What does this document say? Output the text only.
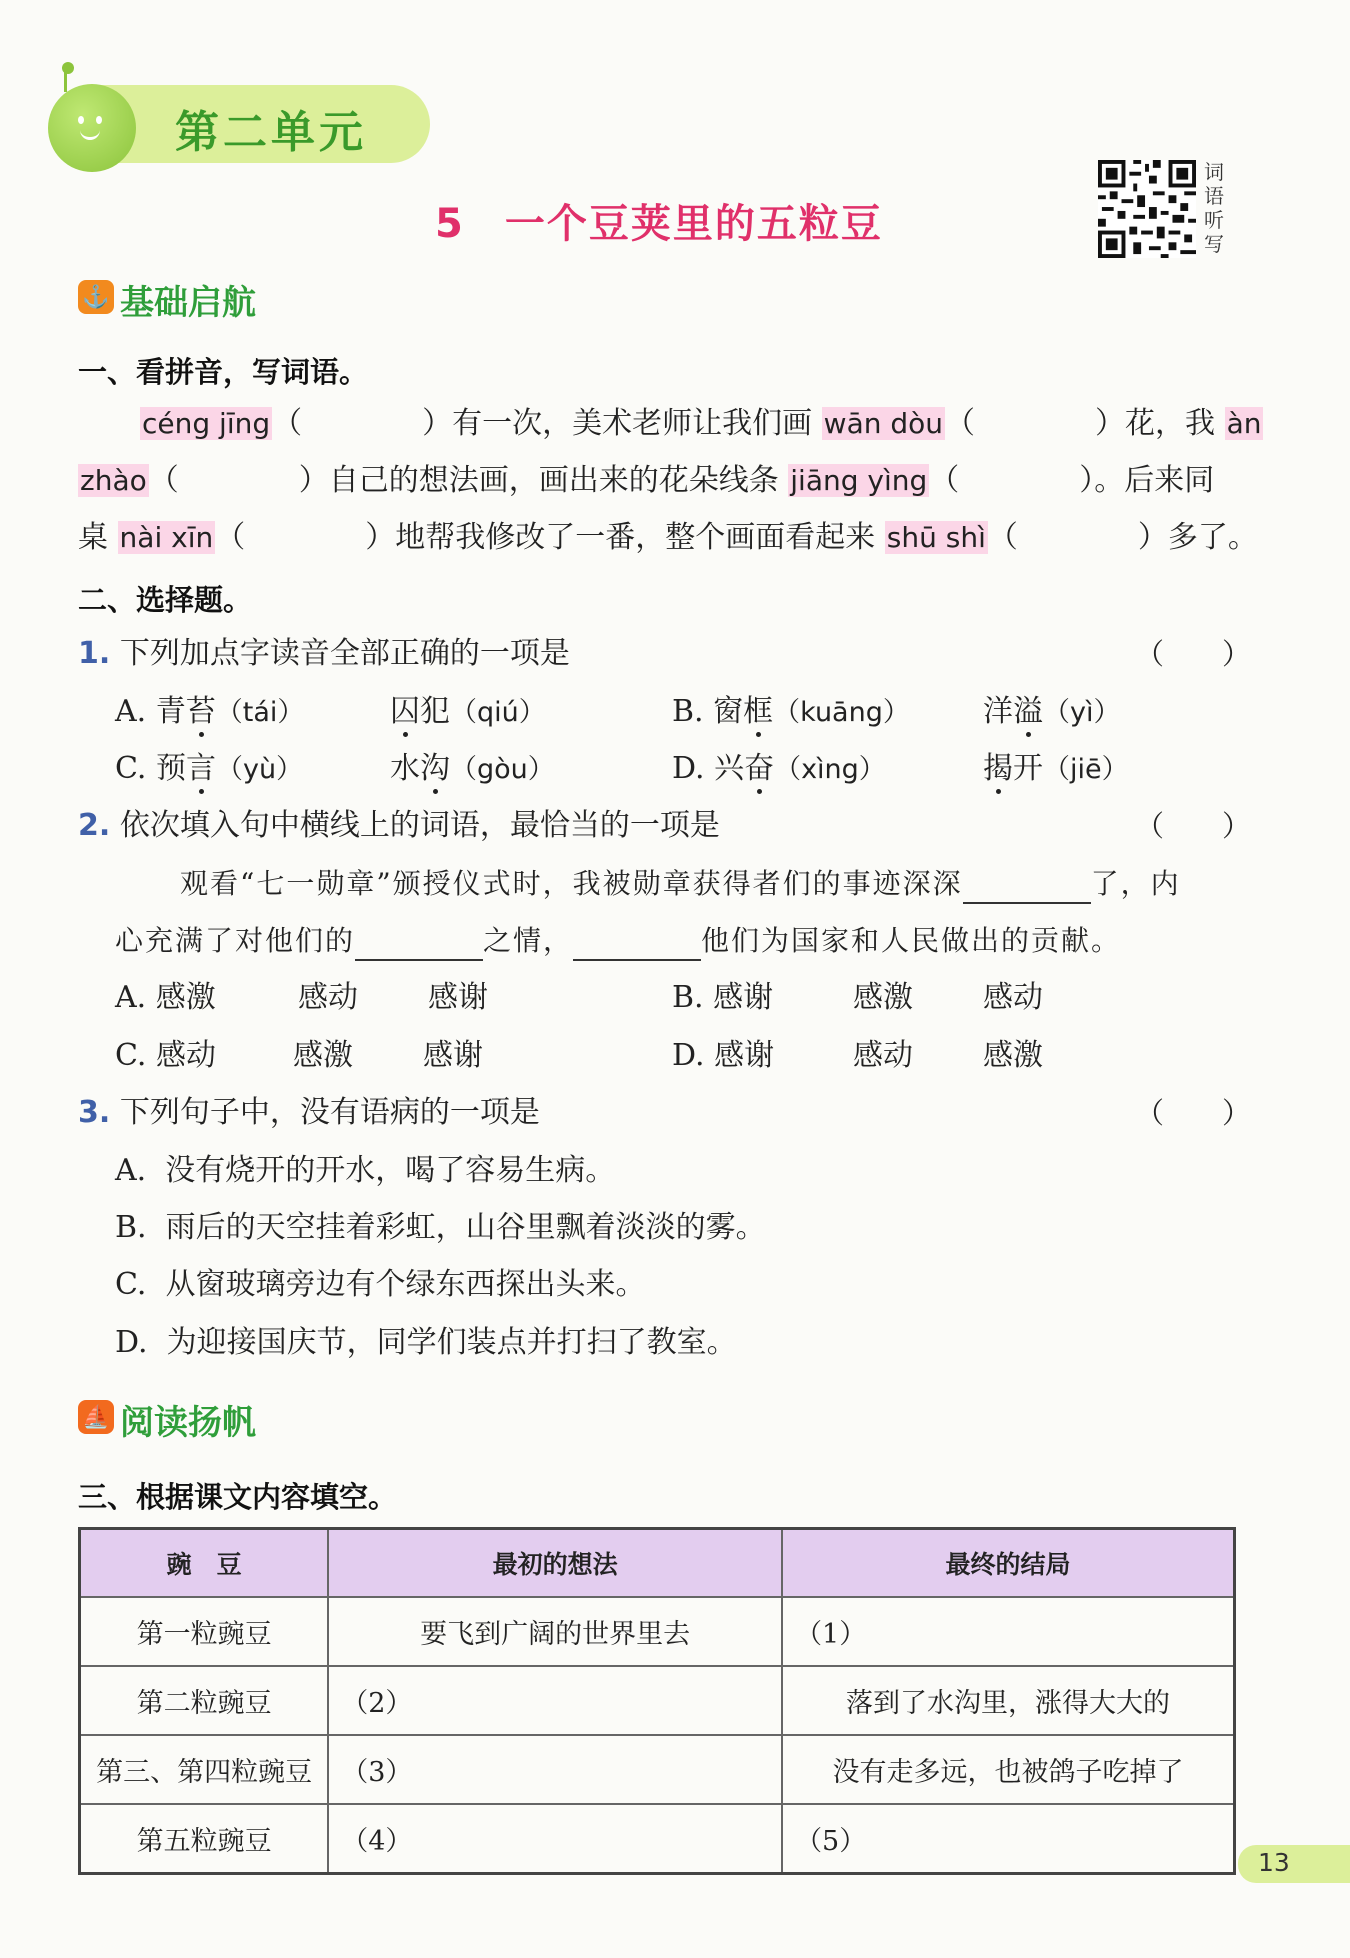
第二单元
5 一个豆荚里的五粒豆
词语听写
⚓ 基础启航
一、看拼音，写词语。
céng jīng（　　　　）有一次，美术老师让我们画 wān dòu（　　　　）花，我 àn
zhào（　　　　）自己的想法画，画出来的花朵线条 jiāng yìng（　　　　）。后来同
桌 nài xīn（　　　　）地帮我修改了一番，整个画面看起来 shū shì（　　　　）多了。
二、选择题。
1. 下列加点字读音全部正确的一项是	（　　）
A. 青苔（tái）	囚犯（qiú）	B. 窗框（kuāng） 洋溢（yì）
C. 预言（yù）	水沟（gòu）	D. 兴奋（xìng）	揭开（jiē）
2. 依次填入句中横线上的词语，最恰当的一项是	（　　）
观看“七一勋章”颁授仪式时，我被勋章获得者们的事迹深深	了，内
心充满了对他们的	之情，	他们为国家和人民做出的贡献。
A. 感激	感动 感谢	B. 感谢	感激 感动
C. 感动	感激 感谢	D. 感谢	感动 感激
3. 下列句子中，没有语病的一项是	（　　）
A.  没有烧开的开水，喝了容易生病。
B.  雨后的天空挂着彩虹，山谷里飘着淡淡的雾。
C.  从窗玻璃旁边有个绿东西探出头来。
D.  为迎接国庆节，同学们装点并打扫了教室。
⛵ 阅读扬帆
三、根据课文内容填空。
豌　豆	最初的想法	最终的结局
第一粒豌豆	要飞到广阔的世界里去	（1）
第二粒豌豆	（2）	落到了水沟里，涨得大大的
第三、第四粒豌豆	（3）	没有走多远，也被鸽子吃掉了
第五粒豌豆	（4）	（5）
13
